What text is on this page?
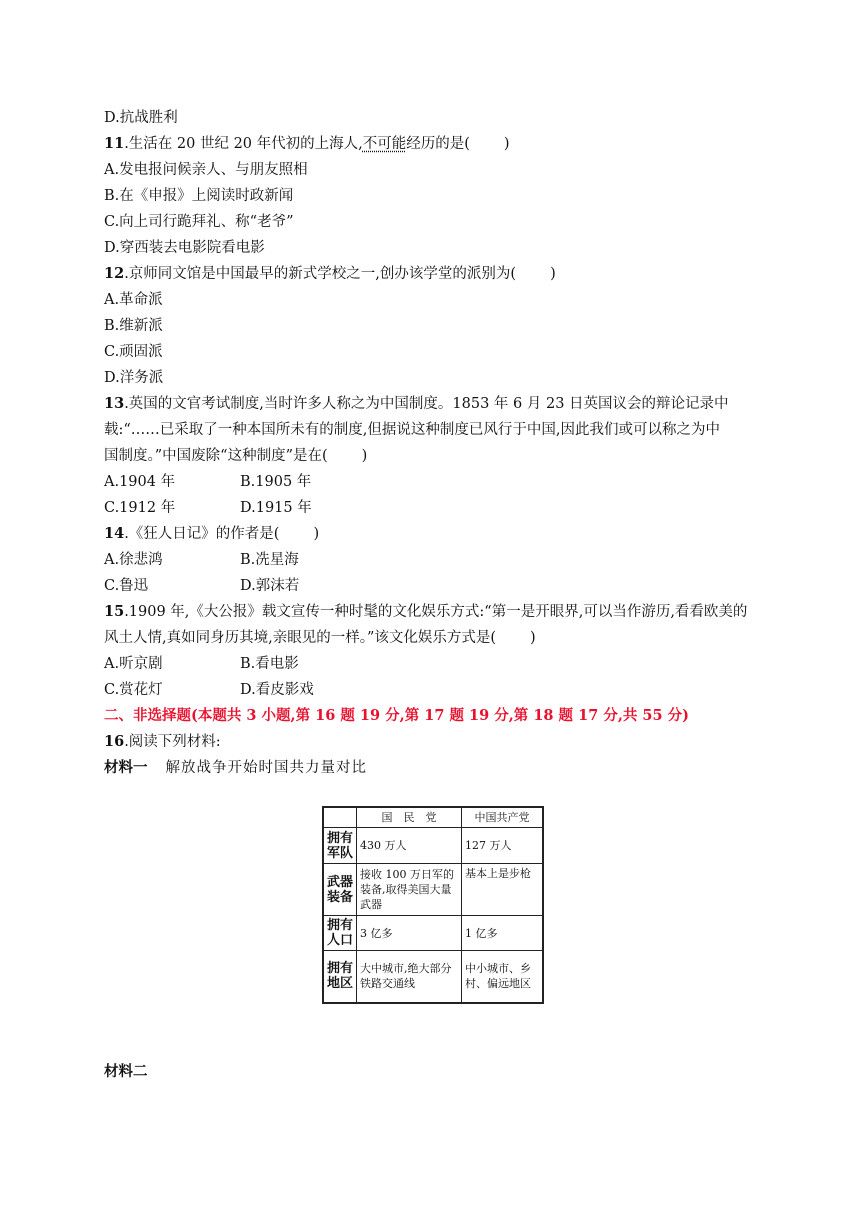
D.抗战胜利
11.生活在 20 世纪 20 年代初的上海人,不可能经历的是( )
A.发电报问候亲人、与朋友照相
B.在《申报》上阅读时政新闻
C.向上司行跪拜礼、称“老爷”
D.穿西装去电影院看电影
12.京师同文馆是中国最早的新式学校之一,创办该学堂的派别为( )
A.革命派
B.维新派
C.顽固派
D.洋务派
13.英国的文官考试制度,当时许多人称之为中国制度。1853 年 6 月 23 日英国议会的辩论记录中
载:“……已采取了一种本国所未有的制度,但据说这种制度已风行于中国,因此我们或可以称之为中
国制度。”中国废除“这种制度”是在( )
A.1904 年	B.1905 年
C.1912 年	D.1915 年
14.《狂人日记》的作者是( )
A.徐悲鸿	B.冼星海
C.鲁迅	D.郭沫若
15.1909 年,《大公报》载文宣传一种时髦的文化娱乐方式:“第一是开眼界,可以当作游历,看看欧美的
风土人情,真如同身历其境,亲眼见的一样。”该文化娱乐方式是( )
A.听京剧	B.看电影
C.赏花灯	D.看皮影戏
二、非选择题(本题共 3 小题,第 16 题 19 分,第 17 题 19 分,第 18 题 17 分,共 55 分)
16.阅读下列材料:
材料一 解放战争开始时国共力量对比
	国　民　党	中国共产党
拥有
军队	430 万人	127 万人
武器
装备	接收 100 万日军的装备,取得美国大量武器	基本上是步枪
拥有
人口	3 亿多	1 亿多
拥有
地区	大中城市,绝大部分铁路交通线	中小城市、乡村、偏远地区
材料二
